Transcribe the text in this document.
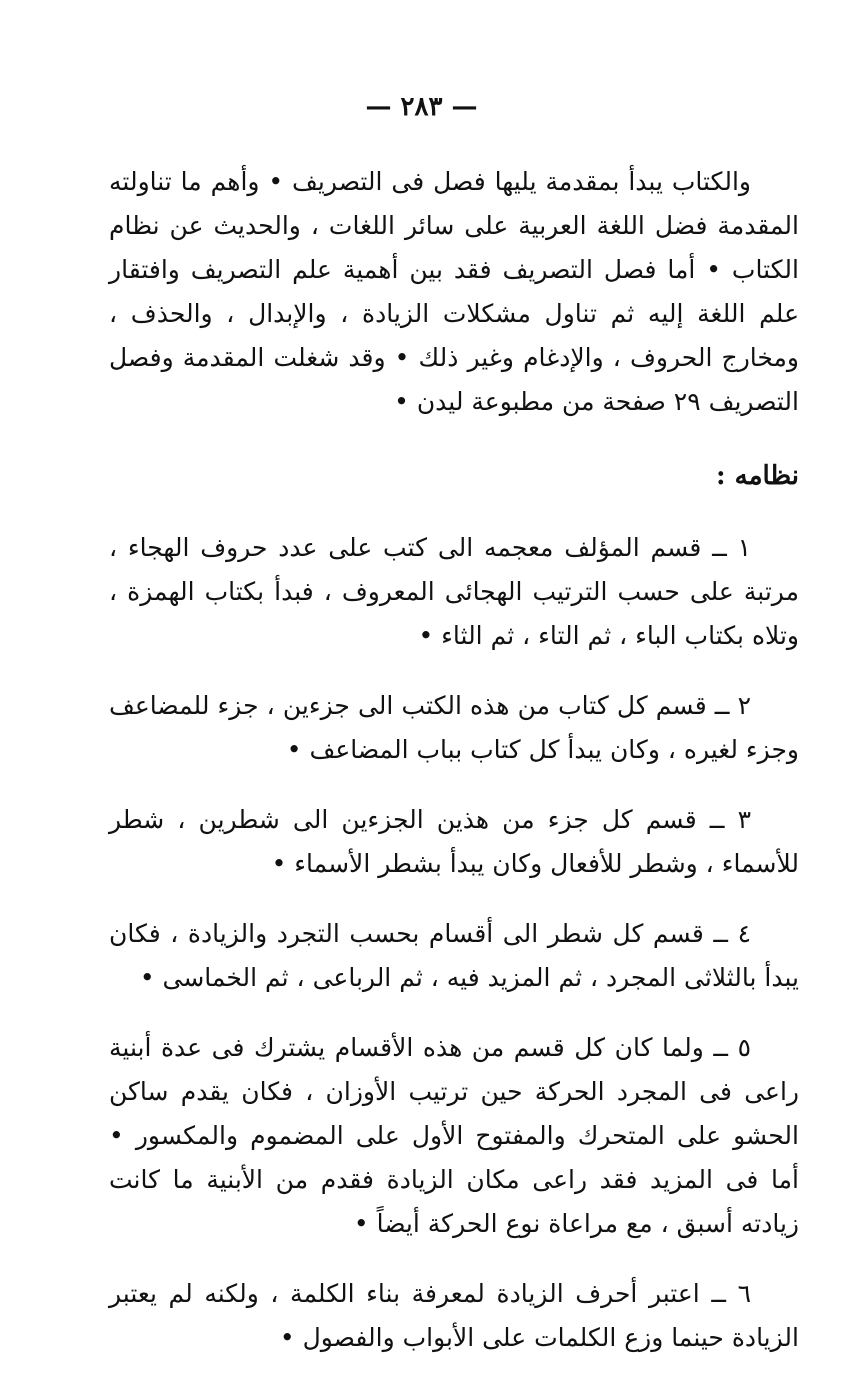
— ٢٨٣ —

والكتاب يبدأ بمقدمة يليها فصل فى التصريف • وأهم ما تناولته المقدمة فضل اللغة العربية على سائر اللغات ، والحديث عن نظام الكتاب • أما فصل التصريف فقد بين أهمية علم التصريف وافتقار علم اللغة إليه ثم تناول مشكلات الزيادة ، والإبدال ، والحذف ، ومخارج الحروف ، والإدغام وغير ذلك • وقد شغلت المقدمة وفصل التصريف ٢٩ صفحة من مطبوعة ليدن •

نظامه :

١ ــ قسم المؤلف معجمه الى كتب على عدد حروف الهجاء ، مرتبة على حسب الترتيب الهجائى المعروف ، فبدأ بكتاب الهمزة ، وتلاه بكتاب الباء ، ثم التاء ، ثم الثاء •

٢ ــ قسم كل كتاب من هذه الكتب الى جزءين ، جزء للمضاعف وجزء لغيره ، وكان يبدأ كل كتاب بباب المضاعف •

٣ ــ قسم كل جزء من هذين الجزءين الى شطرين ، شطر للأسماء ، وشطر للأفعال وكان يبدأ بشطر الأسماء •

٤ ــ قسم كل شطر الى أقسام بحسب التجرد والزيادة ، فكان يبدأ بالثلاثى المجرد ، ثم المزيد فيه ، ثم الرباعى ، ثم الخماسى •

٥ ــ ولما كان كل قسم من هذه الأقسام يشترك فى عدة أبنية راعى فى المجرد الحركة حين ترتيب الأوزان ، فكان يقدم ساكن الحشو على المتحرك والمفتوح الأول على المضموم والمكسور • أما فى المزيد فقد راعى مكان الزيادة فقدم من الأبنية ما كانت زيادته أسبق ، مع مراعاة نوع الحركة أيضاً •

٦ ــ اعتبر أحرف الزيادة لمعرفة بناء الكلمة ، ولكنه لم يعتبر الزيادة حينما وزع الكلمات على الأبواب والفصول •
